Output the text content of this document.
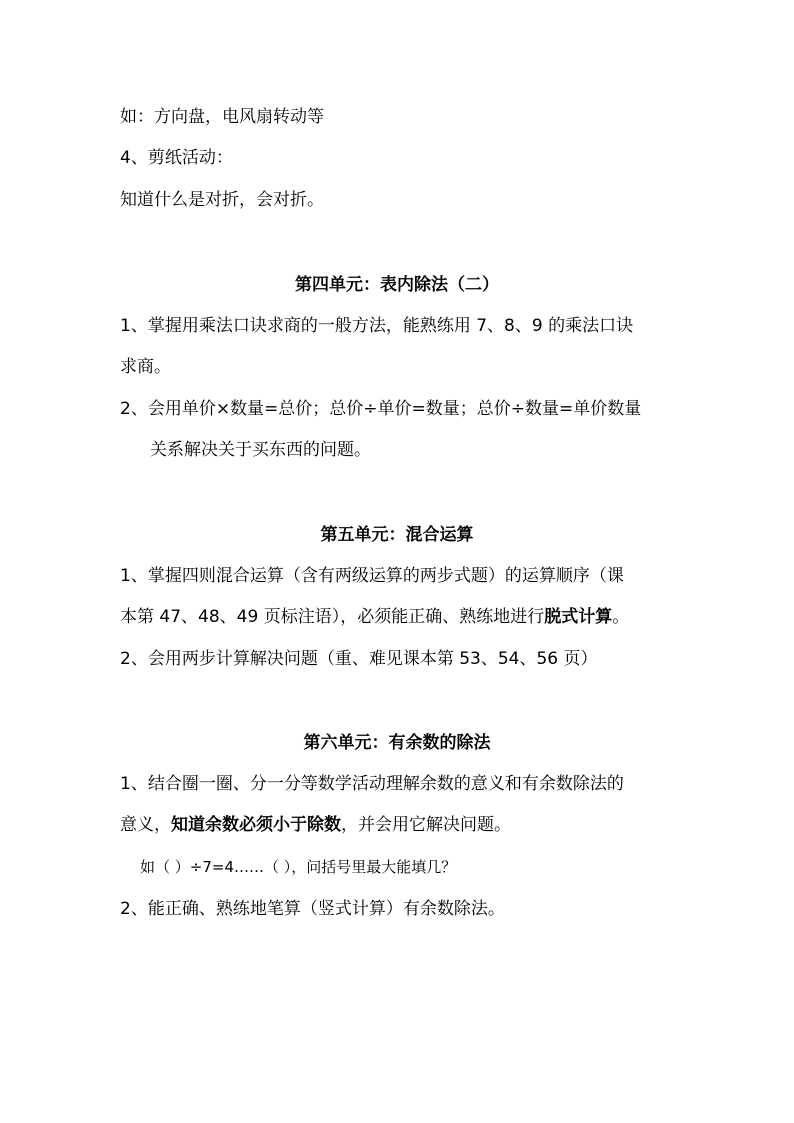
如：方向盘，电风扇转动等

4、剪纸活动：

知道什么是对折，会对折。

第四单元：表内除法（二）

1、掌握用乘法口诀求商的一般方法，能熟练用 7、8、9 的乘法口诀

求商。

2、会用单价×数量=总价；总价÷单价=数量；总价÷数量=单价数量

关系解决关于买东西的问题。

第五单元：混合运算

1、掌握四则混合运算（含有两级运算的两步式题）的运算顺序（课

本第 47、48、49 页标注语），必须能正确、熟练地进行脱式计算。

2、会用两步计算解决问题（重、难见课本第 53、54、56 页）

第六单元：有余数的除法

1、结合圈一圈、分一分等数学活动理解余数的意义和有余数除法的

意义，知道余数必须小于除数，并会用它解决问题。

如（ ）÷7=4……（ ），问括号里最大能填几？

2、能正确、熟练地笔算（竖式计算）有余数除法。
